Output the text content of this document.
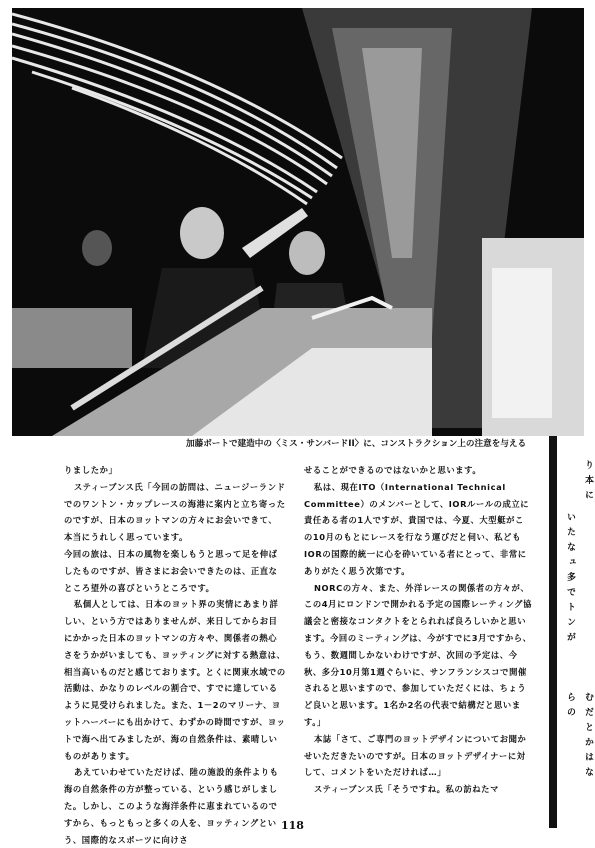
加藤ボートで建造中の〈ミス・サンバードII〉に、コンストラクション上の注意を与える

りましたか」

スティーブンス氏「今回の訪問は、ニュージーランドでのワントン・カップレースの海港に案内と立ち寄ったのですが、日本のヨットマンの方々にお会いできて、本当にうれしく思っています。

今回の旅は、日本の風物を楽しもうと思って足を伸ばしたものですが、皆さまにお会いできたのは、正直なところ望外の喜びというところです。

私個人としては、日本のヨット界の実情にあまり詳しい、という方ではありませんが、来日してからお目にかかった日本のヨットマンの方々や、関係者の熱心さをうかがいましても、ヨッティングに対する熱意は、相当高いものだと感じております。とくに関東水域での活動は、かなりのレベルの割合で、すでに達しているように見受けられました。また、1－2のマリーナ、ヨットハーバーにも出かけて、わずかの時間ですが、ヨットで海へ出てみましたが、海の自然条件は、素晴しいものがあります。

あえていわせていただけば、陸の施設的条件よりも海の自然条件の方が整っている、という感じがしました。しかし、このような海洋条件に恵まれているのですから、もっともっと多くの人を、ヨッティングという、国際的なスポーツに向けさ

せることができるのではないかと思います。

私は、現在ITO（International Technical Committee）のメンバーとして、IORルールの成立に責任ある者の1人ですが、貴国では、今夏、大型艇がこの10月のもとにレースを行なう運びだと伺い、私どもIORの国際的統一に心を砕いている者にとって、非常にありがたく思う次第です。

NORCの方々、また、外洋レースの関係者の方々が、この4月にロンドンで開かれる予定の国際レーティング協議会と密接なコンタクトをとられれば良ろしいかと思います。今回のミーティングは、今がすでに3月ですから、もう、数週間しかないわけですが、次回の予定は、今秋、多分10月第1週ぐらいに、サンフランシスコで開催されると思いますので、参加していただくには、ちょうど良いと思います。1名か2名の代表で結構だと思います。」

本誌「さて、ご専門のヨットデザインについてお聞かせいただきたいのですが。日本のヨットデザイナーに対して、コメントをいただければ…」

スティーブンス氏「そうですね。私の訪ねたマ

り本に
いたなュ多でトンが
らの むだとかはな
118
